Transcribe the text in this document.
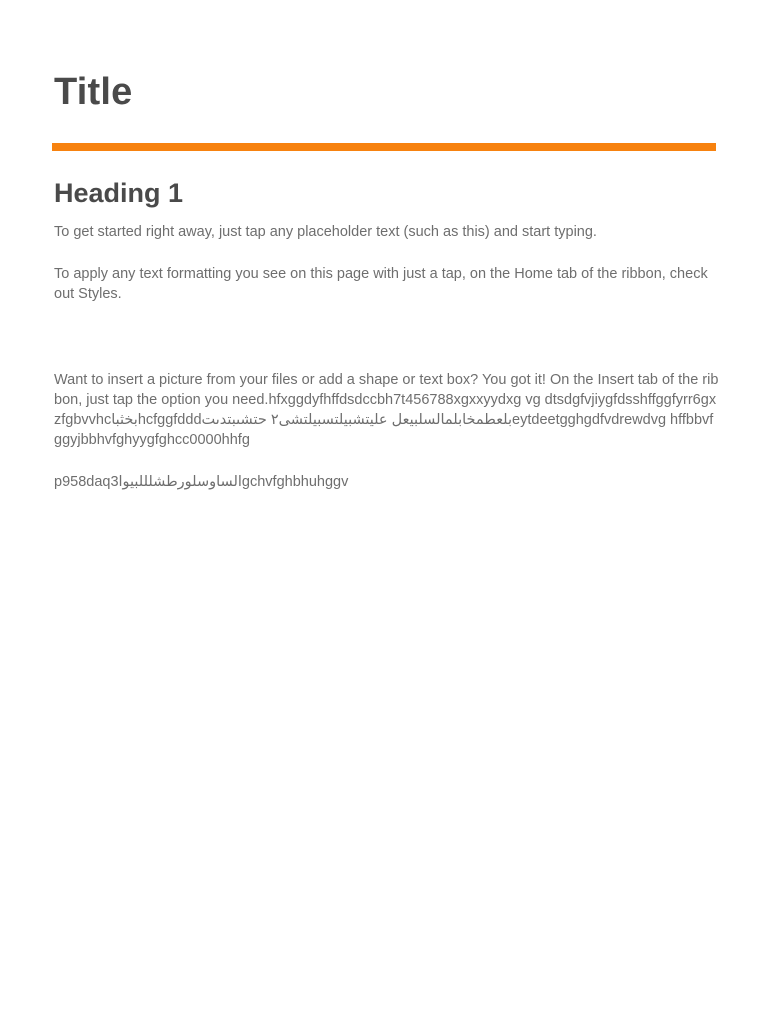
Title
Heading 1

To get started right away, just tap any placeholder text (such as this) and start typing.

To apply any text formatting you see on this page with just a tap, on the Home tab of the ribbon, check out Styles.

Want to insert a picture from your files or add a shape or text box? You got it! On the Insert tab of the ribbon, just tap the option you need.hfxggdyfhffdsdccbh7t456788xgxxyydxg vg dtsdgfvjiygfdsshffggfyrr6gxzfgbvvhcبخثبا‎hcfggfdddبلعطمخابلمالسلبيعل عليتشبيلتسبيلتشى٢ حتشىبتدىت‎eytdeetgghgdfvdrewdvg hffbbvfggyjbbhvfghyygfghcc0000hhfg

p958daq3الساوسلورطشلللبيوا‎gchvfghbhuhggv
